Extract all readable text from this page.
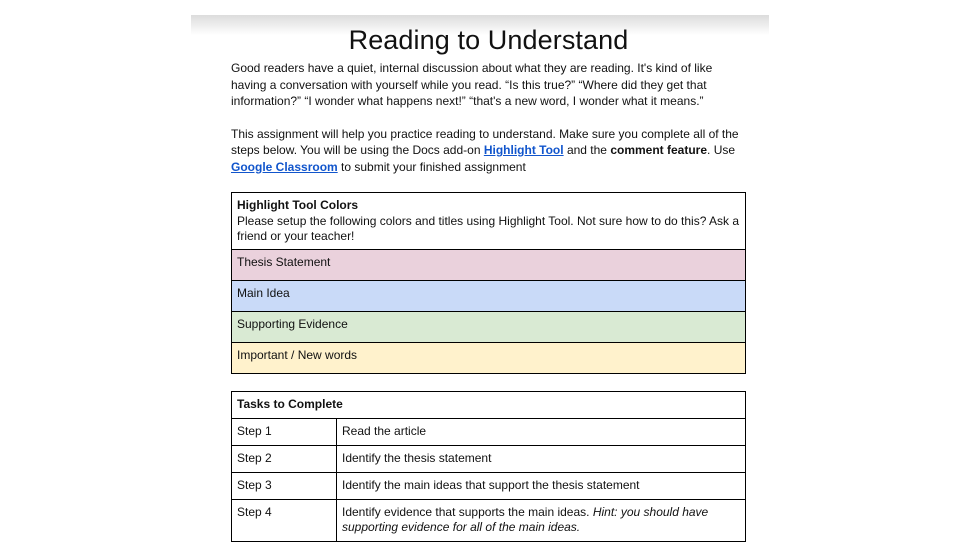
Reading to Understand

Good readers have a quiet, internal discussion about what they are reading. It's kind of like having a conversation with yourself while you read. “Is this true?” “Where did they get that information?” “I wonder what happens next!” “that's a new word, I wonder what it means.”

This assignment will help you practice reading to understand. Make sure you complete all of the steps below. You will be using the Docs add-on Highlight Tool and the comment feature. Use Google Classroom to submit your finished assignment

Highlight Tool Colors
Please setup the following colors and titles using Highlight Tool. Not sure how to do this? Ask a friend or your teacher!

Thesis Statement
Main Idea
Supporting Evidence
Important / New words
Tasks to Complete	
Step 1	Read the article
Step 2	Identify the thesis statement
Step 3	Identify the main ideas that support the thesis statement
Step 4	Identify evidence that supports the main ideas. Hint: you should have supporting evidence for all of the main ideas.
